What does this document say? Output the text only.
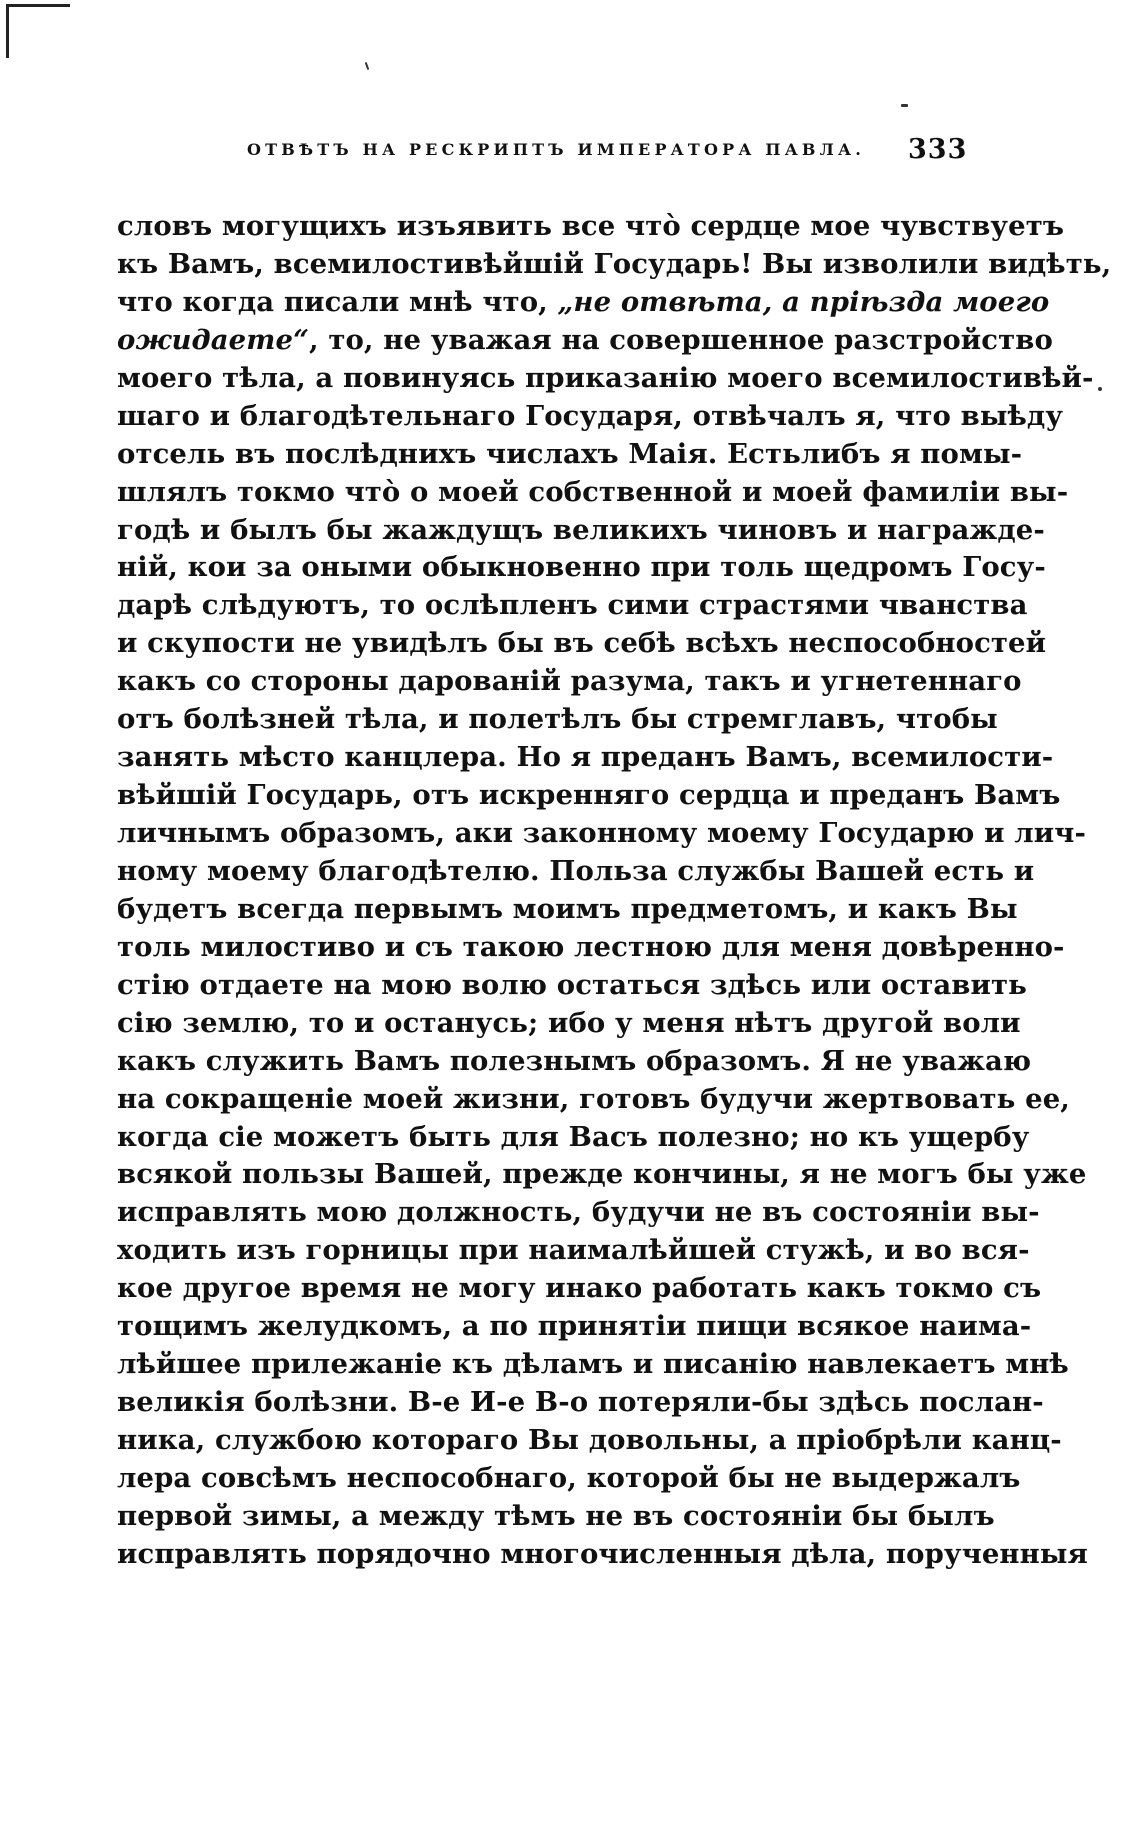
ОТВѢТЪ НА РЕСКРИПТЪ ИМПЕРАТОРА ПАВЛА. 333
словъ могущихъ изъявить все что̀ сердце мое чувствуетъ
къ Вамъ, всемилостивѣйшій Государь! Вы изволили видѣть,
что когда писали мнѣ что, „не отвѣта, а пріѣзда моего
ожидаете“, то, не уважая на совершенное разстройство
моего тѣла, а повинуясь приказанію моего всемилостивѣй-
шаго и благодѣтельнаго Государя, отвѣчалъ я, что выѣду
отсель въ послѣднихъ числахъ Маія. Естьлибъ я помы-
шлялъ токмо что̀ о моей собственной и моей фамиліи вы-
годѣ и былъ бы жаждущъ великихъ чиновъ и награжде-
ній, кои за оными обыкновенно при толь щедромъ Госу-
дарѣ слѣдуютъ, то ослѣпленъ сими страстями чванства
и скупости не увидѣлъ бы въ себѣ всѣхъ неспособностей
какъ со стороны дарованій разума, такъ и угнетеннаго
отъ болѣзней тѣла, и полетѣлъ бы стремглавъ, чтобы
занять мѣсто канцлера. Но я преданъ Вамъ, всемилости-
вѣйшій Государь, отъ искренняго сердца и преданъ Вамъ
личнымъ образомъ, аки законному моему Государю и лич-
ному моему благодѣтелю. Польза службы Вашей есть и
будетъ всегда первымъ моимъ предметомъ, и какъ Вы
толь милостиво и съ такою лестною для меня довѣренно-
стію отдаете на мою волю остаться здѣсь или оставить
сію землю, то и останусь; ибо у меня нѣтъ другой воли
какъ служить Вамъ полезнымъ образомъ. Я не уважаю
на сокращеніе моей жизни, готовъ будучи жертвовать ее,
когда сіе можетъ быть для Васъ полезно; но къ ущербу
всякой пользы Вашей, прежде кончины, я не могъ бы уже
исправлять мою должность, будучи не въ состояніи вы-
ходить изъ горницы при наималѣйшей стужѣ, и во вся-
кое другое время не могу инако работать какъ токмо съ
тощимъ желудкомъ, а по принятіи пищи всякое наима-
лѣйшее прилежаніе къ дѣламъ и писанію навлекаетъ мнѣ
великія болѣзни. В-е И-е В-о потеряли-бы здѣсь послан-
ника, службою котораго Вы довольны, а пріобрѣли канц-
лера совсѣмъ неспособнаго, которой бы не выдержалъ
первой зимы, а между тѣмъ не въ состояніи бы былъ
исправлять порядочно многочисленныя дѣла, порученныя
